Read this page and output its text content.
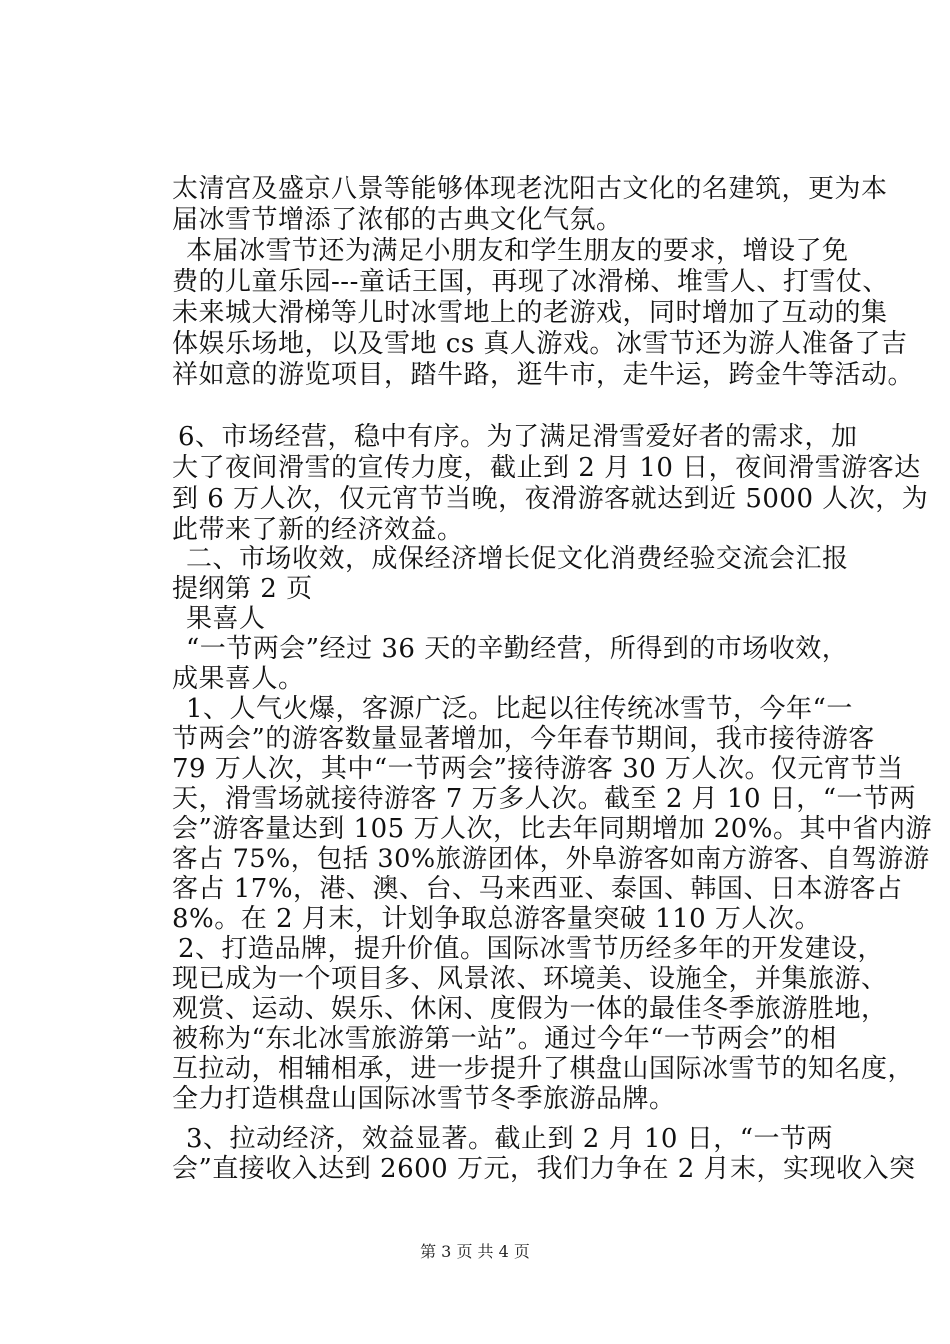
太清宫及盛京八景等能够体现老沈阳古文化的名建筑，更为本
届冰雪节增添了浓郁的古典文化气氛。
本届冰雪节还为满足小朋友和学生朋友的要求，增设了免
费的儿童乐园---童话王国，再现了冰滑梯、堆雪人、打雪仗、
未来城大滑梯等儿时冰雪地上的老游戏，同时增加了互动的集
体娱乐场地，以及雪地 cs 真人游戏。冰雪节还为游人准备了吉
祥如意的游览项目，踏牛路，逛牛市，走牛运，跨金牛等活动。
6、市场经营，稳中有序。为了满足滑雪爱好者的需求，加
大了夜间滑雪的宣传力度，截止到 2 月 10 日，夜间滑雪游客达
到 6 万人次，仅元宵节当晚，夜滑游客就达到近 5000 人次，为
此带来了新的经济效益。
二、市场收效，成保经济增长促文化消费经验交流会汇报
提纲第 2 页
果喜人
“一节两会”经过 36 天的辛勤经营，所得到的市场收效，
成果喜人。
1、人气火爆，客源广泛。比起以往传统冰雪节，今年“一
节两会”的游客数量显著增加，今年春节期间，我市接待游客
79 万人次，其中“一节两会”接待游客 30 万人次。仅元宵节当
天，滑雪场就接待游客 7 万多人次。截至 2 月 10 日，“一节两
会”游客量达到 105 万人次，比去年同期增加 20%。其中省内游
客占 75%，包括 30%旅游团体，外阜游客如南方游客、自驾游游
客占 17%，港、澳、台、马来西亚、泰国、韩国、日本游客占
8%。在 2 月末，计划争取总游客量突破 110 万人次。
2、打造品牌，提升价值。国际冰雪节历经多年的开发建设，
现已成为一个项目多、风景浓、环境美、设施全，并集旅游、
观赏、运动、娱乐、休闲、度假为一体的最佳冬季旅游胜地，
被称为“东北冰雪旅游第一站”。通过今年“一节两会”的相
互拉动，相辅相承，进一步提升了棋盘山国际冰雪节的知名度，
全力打造棋盘山国际冰雪节冬季旅游品牌。
3、拉动经济，效益显著。截止到 2 月 10 日，“一节两
会”直接收入达到 2600 万元，我们力争在 2 月末，实现收入突
第 3 页 共 4 页
